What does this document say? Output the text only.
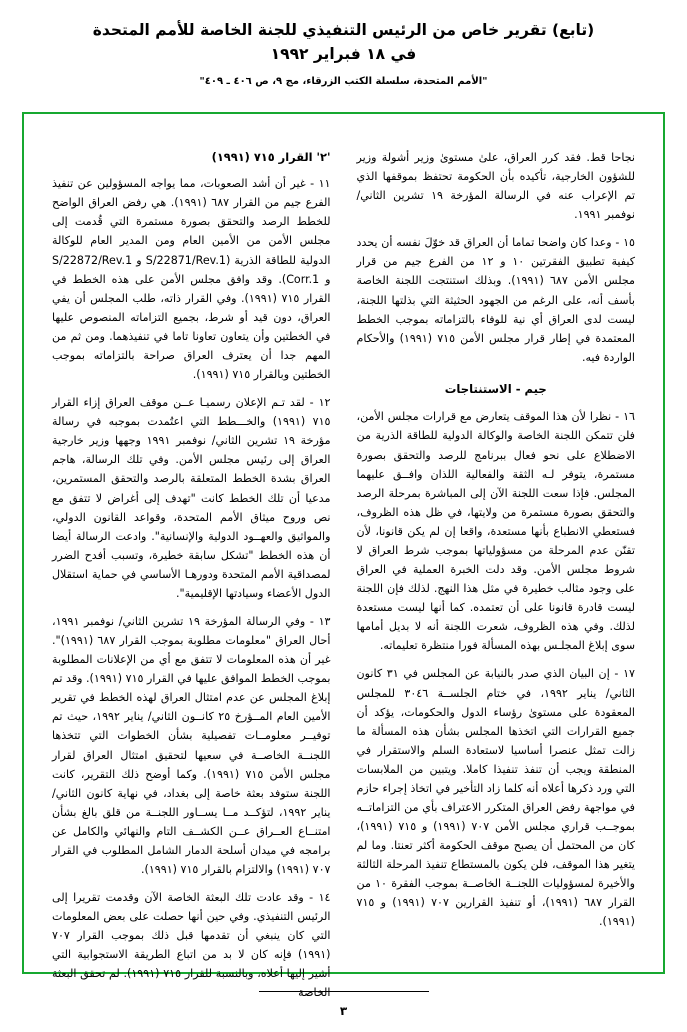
(تابع) تقرير خاص من الرئيس التنفيذي للجنة الخاصة للأمم المتحدة
في ١٨ فبراير ١٩٩٢
"الأمم المتحدة، سلسلة الكتب الزرقاء، مج ٩، ص ٤٠٦ ـ ٤٠٩"

نجاحا قط. فقد كرر العراق، علىٰ مستوىٰ وزير أشولة وزير للشؤون الخارجية، تأكيده بأن الحكومة تحتفظ بموقفها الذي تم الإعراب عنه في الرسالة المؤرخة ١٩ تشرين الثاني/ نوفمبر ١٩٩١.

١٥ - وعدا كان واضحا تماما أن العراق قد خوّلَ نفسه أن يحدد كيفية تطبيق الفقرتين ١٠ و ١٢ من الفرع جيم من قرار مجلس الأمن ٦٨٧ (١٩٩١). وبذلك استنتجت اللجنة الخاصة بأسف أنه، على الرغم من الجهود الحثيثة التي بذلتها اللجنة، ليست لدى العراق أي نية للوفاء بالتزاماته بموجب الخطط المعتمدة في إطار قرار مجلس الأمن ٧١٥ (١٩٩١) والأحكام الواردة فيه.

جيم - الاستنتاجات

١٦ - نظرا لأن هذا الموقف يتعارض مع قرارات مجلس الأمن، فلن تتمكن اللجنة الخاصة والوكالة الدولية للطاقة الذرية من الاضطلاع على نحو فعال ببرنامج للرصد والتحقق بصورة مستمرة، يتوفر لـه الثقة والفعالية اللذان وافــق عليهما المجلس. فإذا سعت اللجنة الآن إلى المباشرة بمرحلة الرصد والتحقق بصورة مستمرة من ولايتها، في ظل هذه الظروف، فستعطي الانطباع بأنها مستعدة، واقعا إن لم يكن قانونا، لأن تقنّن عدم المرحلة من مسؤولياتها بموجب شرط العراق لا شروط مجلس الأمن. وقد دلت الخبرة العملية في العراق على وجود مثالب خطيرة في مثل هذا النهج. لذلك فإن اللجنة ليست قادرة قانونا على أن تعتمده. كما أنها ليست مستعدة لذلك. وفي هذه الظروف، شعرت اللجنة أنه لا بديل أمامها سوى إبلاغ المجلـس بهذه المسألة فورا منتظرة تعليماته.

١٧ - إن البيان الذي صدر بالنيابة عن المجلس في ٣١ كانون الثاني/ يناير ١٩٩٢، في ختام الجلســة ٣٠٤٦ للمجلس المعقودة على مستوىٰ رؤساء الدول والحكومات، يؤكد أن جميع القرارات التي اتخذها المجلس بشأن هذه المسألة ما زالت تمثل عنصرا أساسيا لاستعادة السلم والاستقرار في المنطقة ويجب أن تنفذ تنفيذا كاملا. ويتبين من الملابسات التي ورد ذكرها أعلاه أنه كلما زاد التأخير في اتخاذ إجراء حازم في مواجهة رفض العراق المتكرر الاعتراف بأي من التزاماتــه بموجــب قراري مجلس الأمن ٧٠٧ (١٩٩١) و ٧١٥ (١٩٩١)، كان من المحتمل أن يصبح موقف الحكومة أكثر تعنتا. وما لم يتغير هذا الموقف، فلن يكون بالمستطاع تنفيذ المرحلة الثالثة والأخيرة لمسؤوليات اللجنــة الخاصــة بموجب الفقرة ١٠ من القرار ٦٨٧ (١٩٩١)، أو تنفيذ القرارين ٧٠٧ (١٩٩١) و ٧١٥ (١٩٩١).

'٢' القرار ٧١٥ (١٩٩١)

١١ - غير أن أشد الصعوبات، مما يواجه المسؤولين عن تنفيذ الفرع جيم من القرار ٦٨٧ (١٩٩١). هي رفض العراق الواضح للخطط الرصد والتحقق بصورة مستمرة التي قُدمت إلى مجلس الأمن من الأمين العام ومن المدير العام للوكالة الدولية للطاقة الذرية (S/22871/Rev.1 و S/22872/Rev.1 و Corr.1). وقد وافق مجلس الأمن على هذه الخطط في القرار ٧١٥ (١٩٩١). وفي القرار ذاته، طلب المجلس أن يفي العراق، دون قيد أو شرط، بجميع التزاماته المنصوص عليها في الخطتين وأن يتعاون تعاونا تاما في تنفيذهما. ومن ثم من المهم جدا أن يعترف العراق صراحة بالتزاماته بموجب الخطتين وبالقرار ٧١٥ (١٩٩١).

١٢ - لقد تـم الإعلان رسميـا عــن موقف العراق إزاء القرار ٧١٥ (١٩٩١) والخـــطط التي اعتُمدت بموجبه في رسالة مؤرخة ١٩ تشرين الثاني/ نوفمبر ١٩٩١ وجهها وزير خارجية العراق إلى رئيس مجلس الأمن. وفي تلك الرسالة، هاجم العراق بشدة الخطط المتعلقة بالرصد والتحقق المستمرين، مدعيا أن تلك الخطط كانت "تهدف إلى أغراض لا تتفق مع نص وروح ميثاق الأمم المتحدة، وقواعد القانون الدولي، والمواثيق والعهــود الدولية والإنسانية". وادعت الرسالة أيضا أن هذه الخطط "تشكل سابقة خطيرة، وتسبب أفدح الضرر لمصداقية الأمم المتحدة ودورهـا الأساسي في حماية استقلال الدول الأعضاء وسيادتها الإقليمية".

١٣ - وفي الرسالة المؤرخة ١٩ تشرين الثاني/ نوفمبر ١٩٩١، أحال العراق "معلومات مطلوبة بموجب القرار ٦٨٧ (١٩٩١)". غير أن هذه المعلومات لا تتفق مع أي من الإعلانات المطلوبة بموجب الخطط الموافق عليها في القرار ٧١٥ (١٩٩١). وقد تم إبلاغ المجلس عن عدم امتثال العراق لهذه الخطط في تقرير الأمين العام المــؤرخ ٢٥ كانــون الثاني/ يناير ١٩٩٢، حيث تم توفيــر معلومــات تفصيلية بشأن الخطوات التي تتخذها اللجنــة الخاصــة في سعيها لتحقيق امتثال العراق لقرار مجلس الأمن ٧١٥ (١٩٩١). وكما أوضح ذلك التقرير، كانت اللجنة ستوفد بعثة خاصة إلى بغداد، في نهاية كانون الثاني/ يناير ١٩٩٢، لتؤكــد مــا يســاور اللجنــة من قلق بالغ بشأن امتنــاع العــراق عــن الكشــف التام والنهائي والكامل عن برامجه في ميدان أسلحة الدمار الشامل المطلوب في القرار ٧٠٧ (١٩٩١) والالتزام بالقرار ٧١٥ (١٩٩١).

١٤ - وقد عادت تلك البعثة الخاصة الآن وقدمت تقريرا إلى الرئيس التنفيذي. وفي حين أنها حصلت على بعض المعلومات التي كان ينبغي أن تقدمها قبل ذلك بموجب القرار ٧٠٧ (١٩٩١) فإنه كان لا بد من اتباع الطريقة الاستجوابية التي أشير إليها أعلاه، وبالنسبة للقرار ٧١٥ (١٩٩١). لم تحقق البعثة الخاصة

٣
